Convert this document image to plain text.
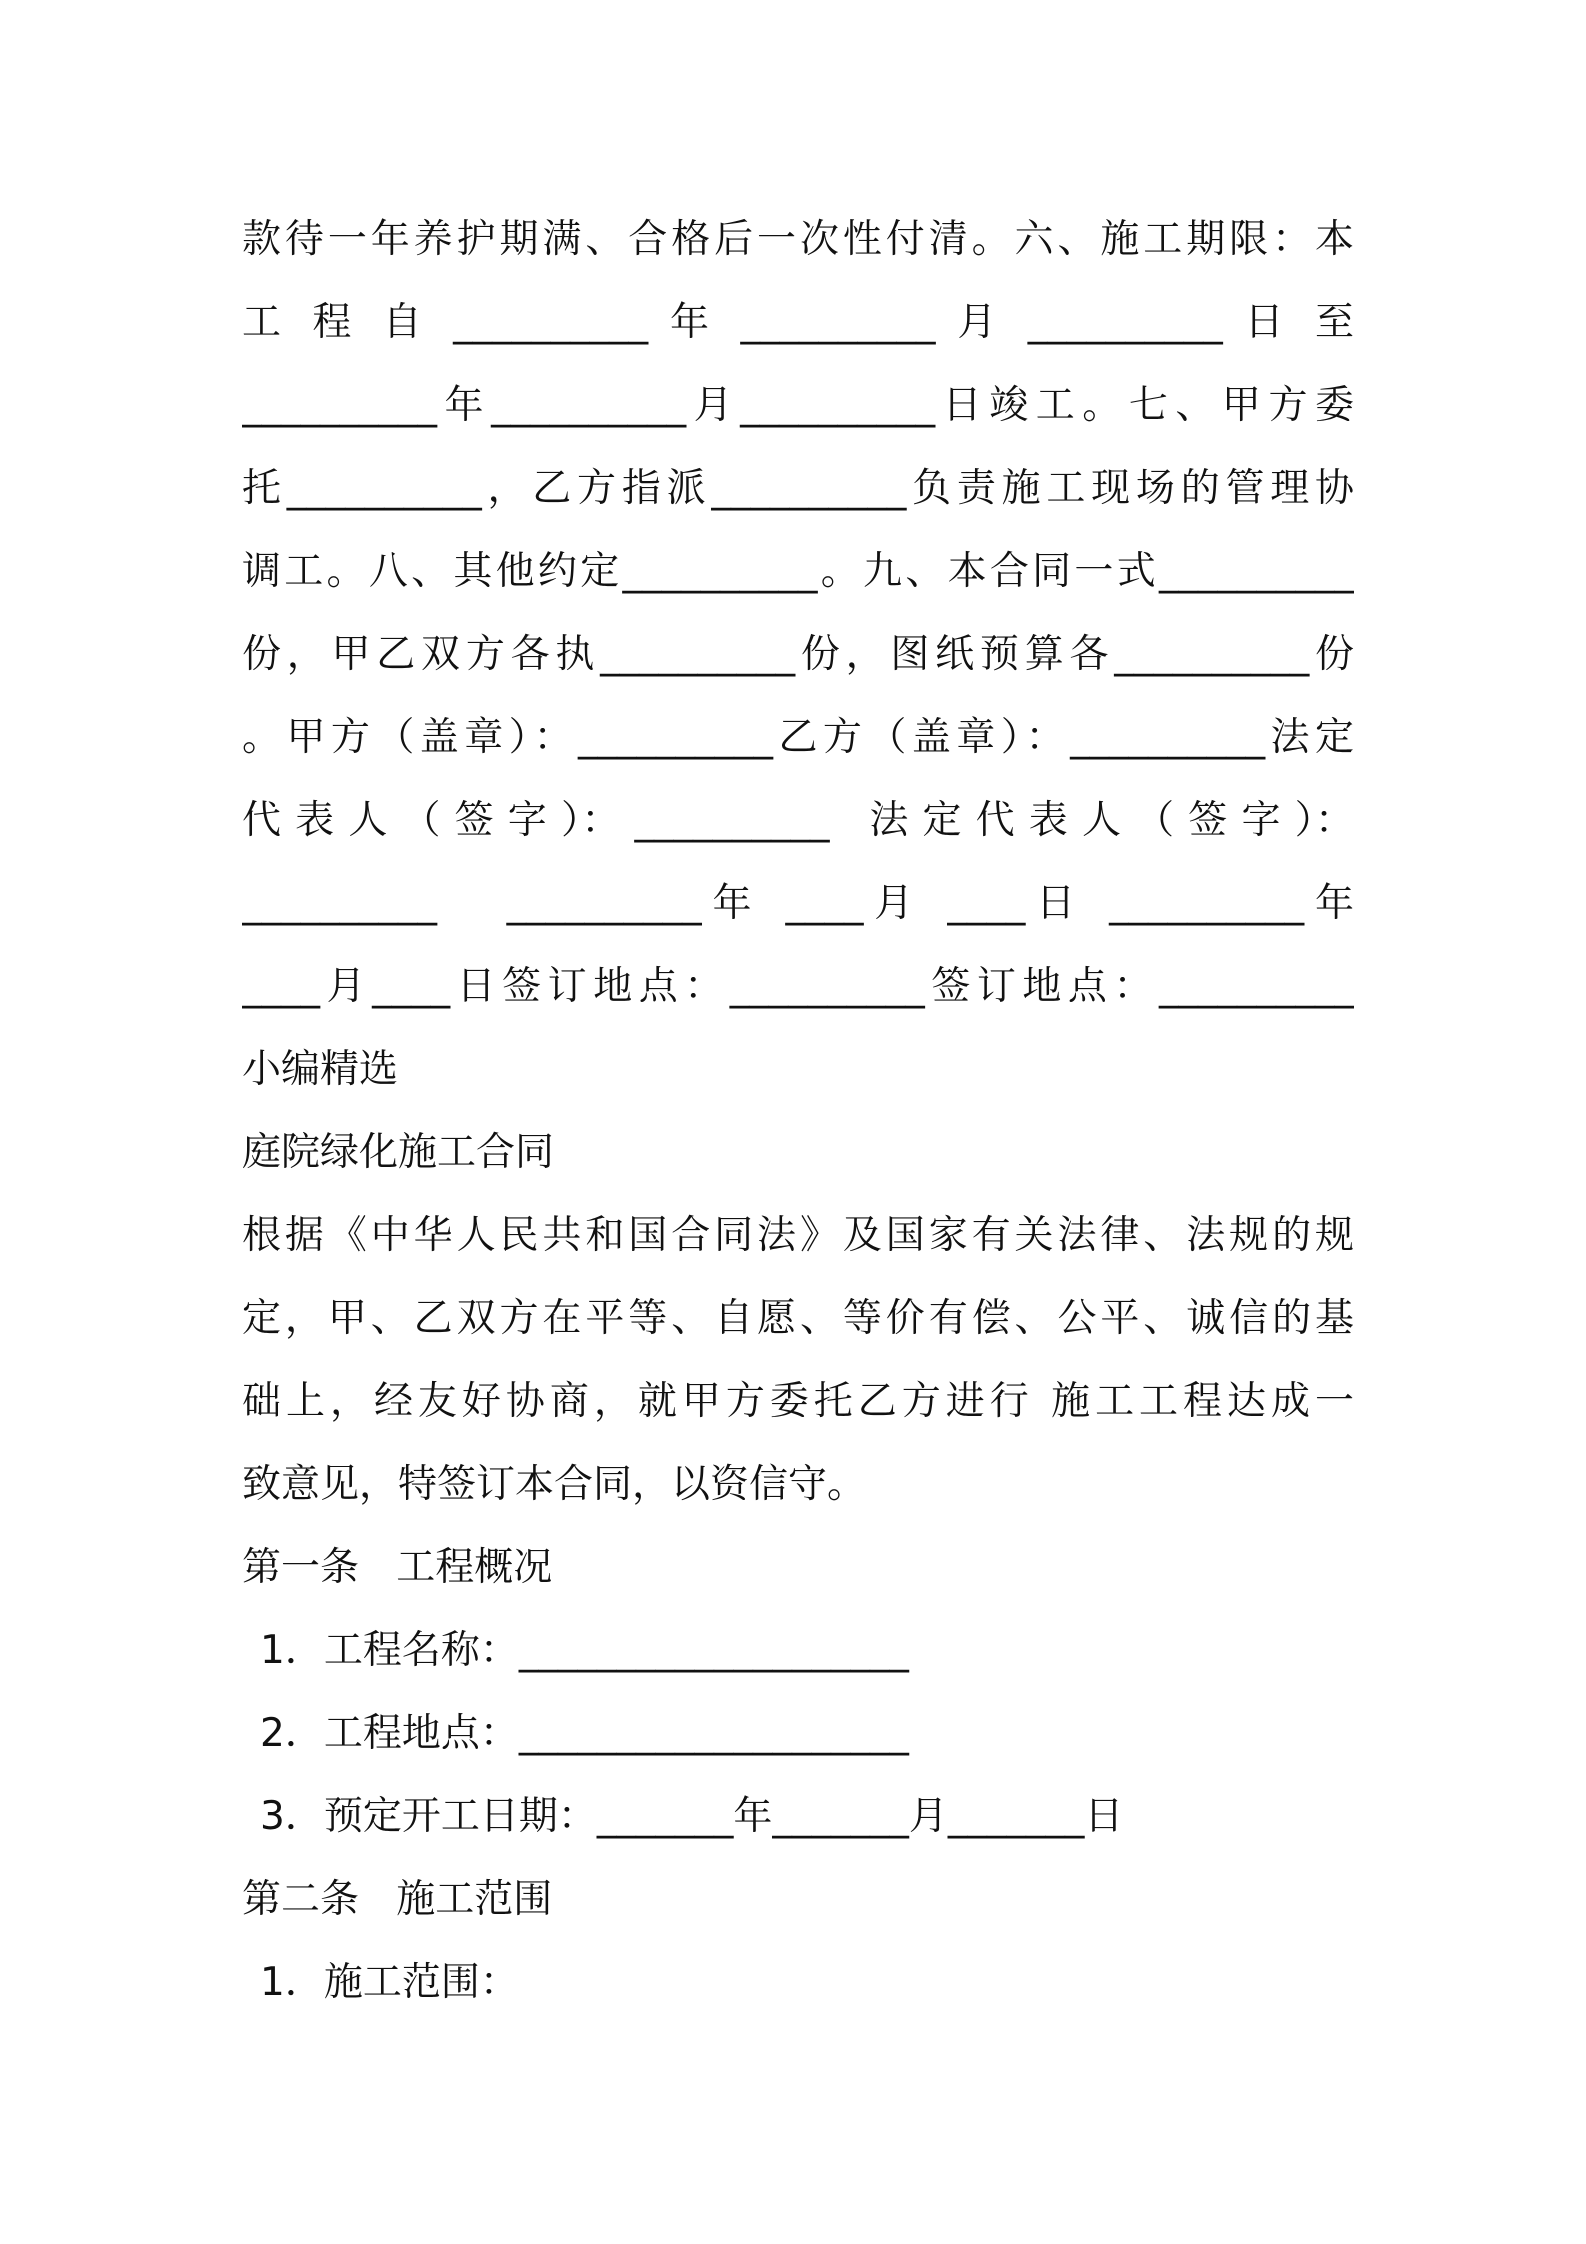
款待一年养护期满、合格后一次性付清。六、施工期限：本
工 程 自 __________ 年 __________ 月 __________ 日 至
__________年__________月__________日竣工。七、甲方委
托__________，乙方指派__________负责施工现场的管理协
调工。八、其他约定__________。九、本合同一式__________
份，甲乙双方各执__________份，图纸预算各__________份
。甲方（盖章）：__________乙方（盖章）：__________法定
代 表 人 （ 签 字 ）： __________   法 定 代 表 人 （ 签 字 ）：
__________   __________年 ____月 ____日 __________年
____月____日签订地点：__________签订地点：__________
小编精选
庭院绿化施工合同
根据《中华人民共和国合同法》及国家有关法律、法规的规
定，甲、乙双方在平等、自愿、等价有偿、公平、诚信的基
础上，经友好协商，就甲方委托乙方进行 施工工程达成一
致意见，特签订本合同，以资信守。
第一条   工程概况
1．工程名称：____________________
2．工程地点：____________________
3．预定开工日期：_______年_______月_______日
第二条   施工范围
1．施工范围：
